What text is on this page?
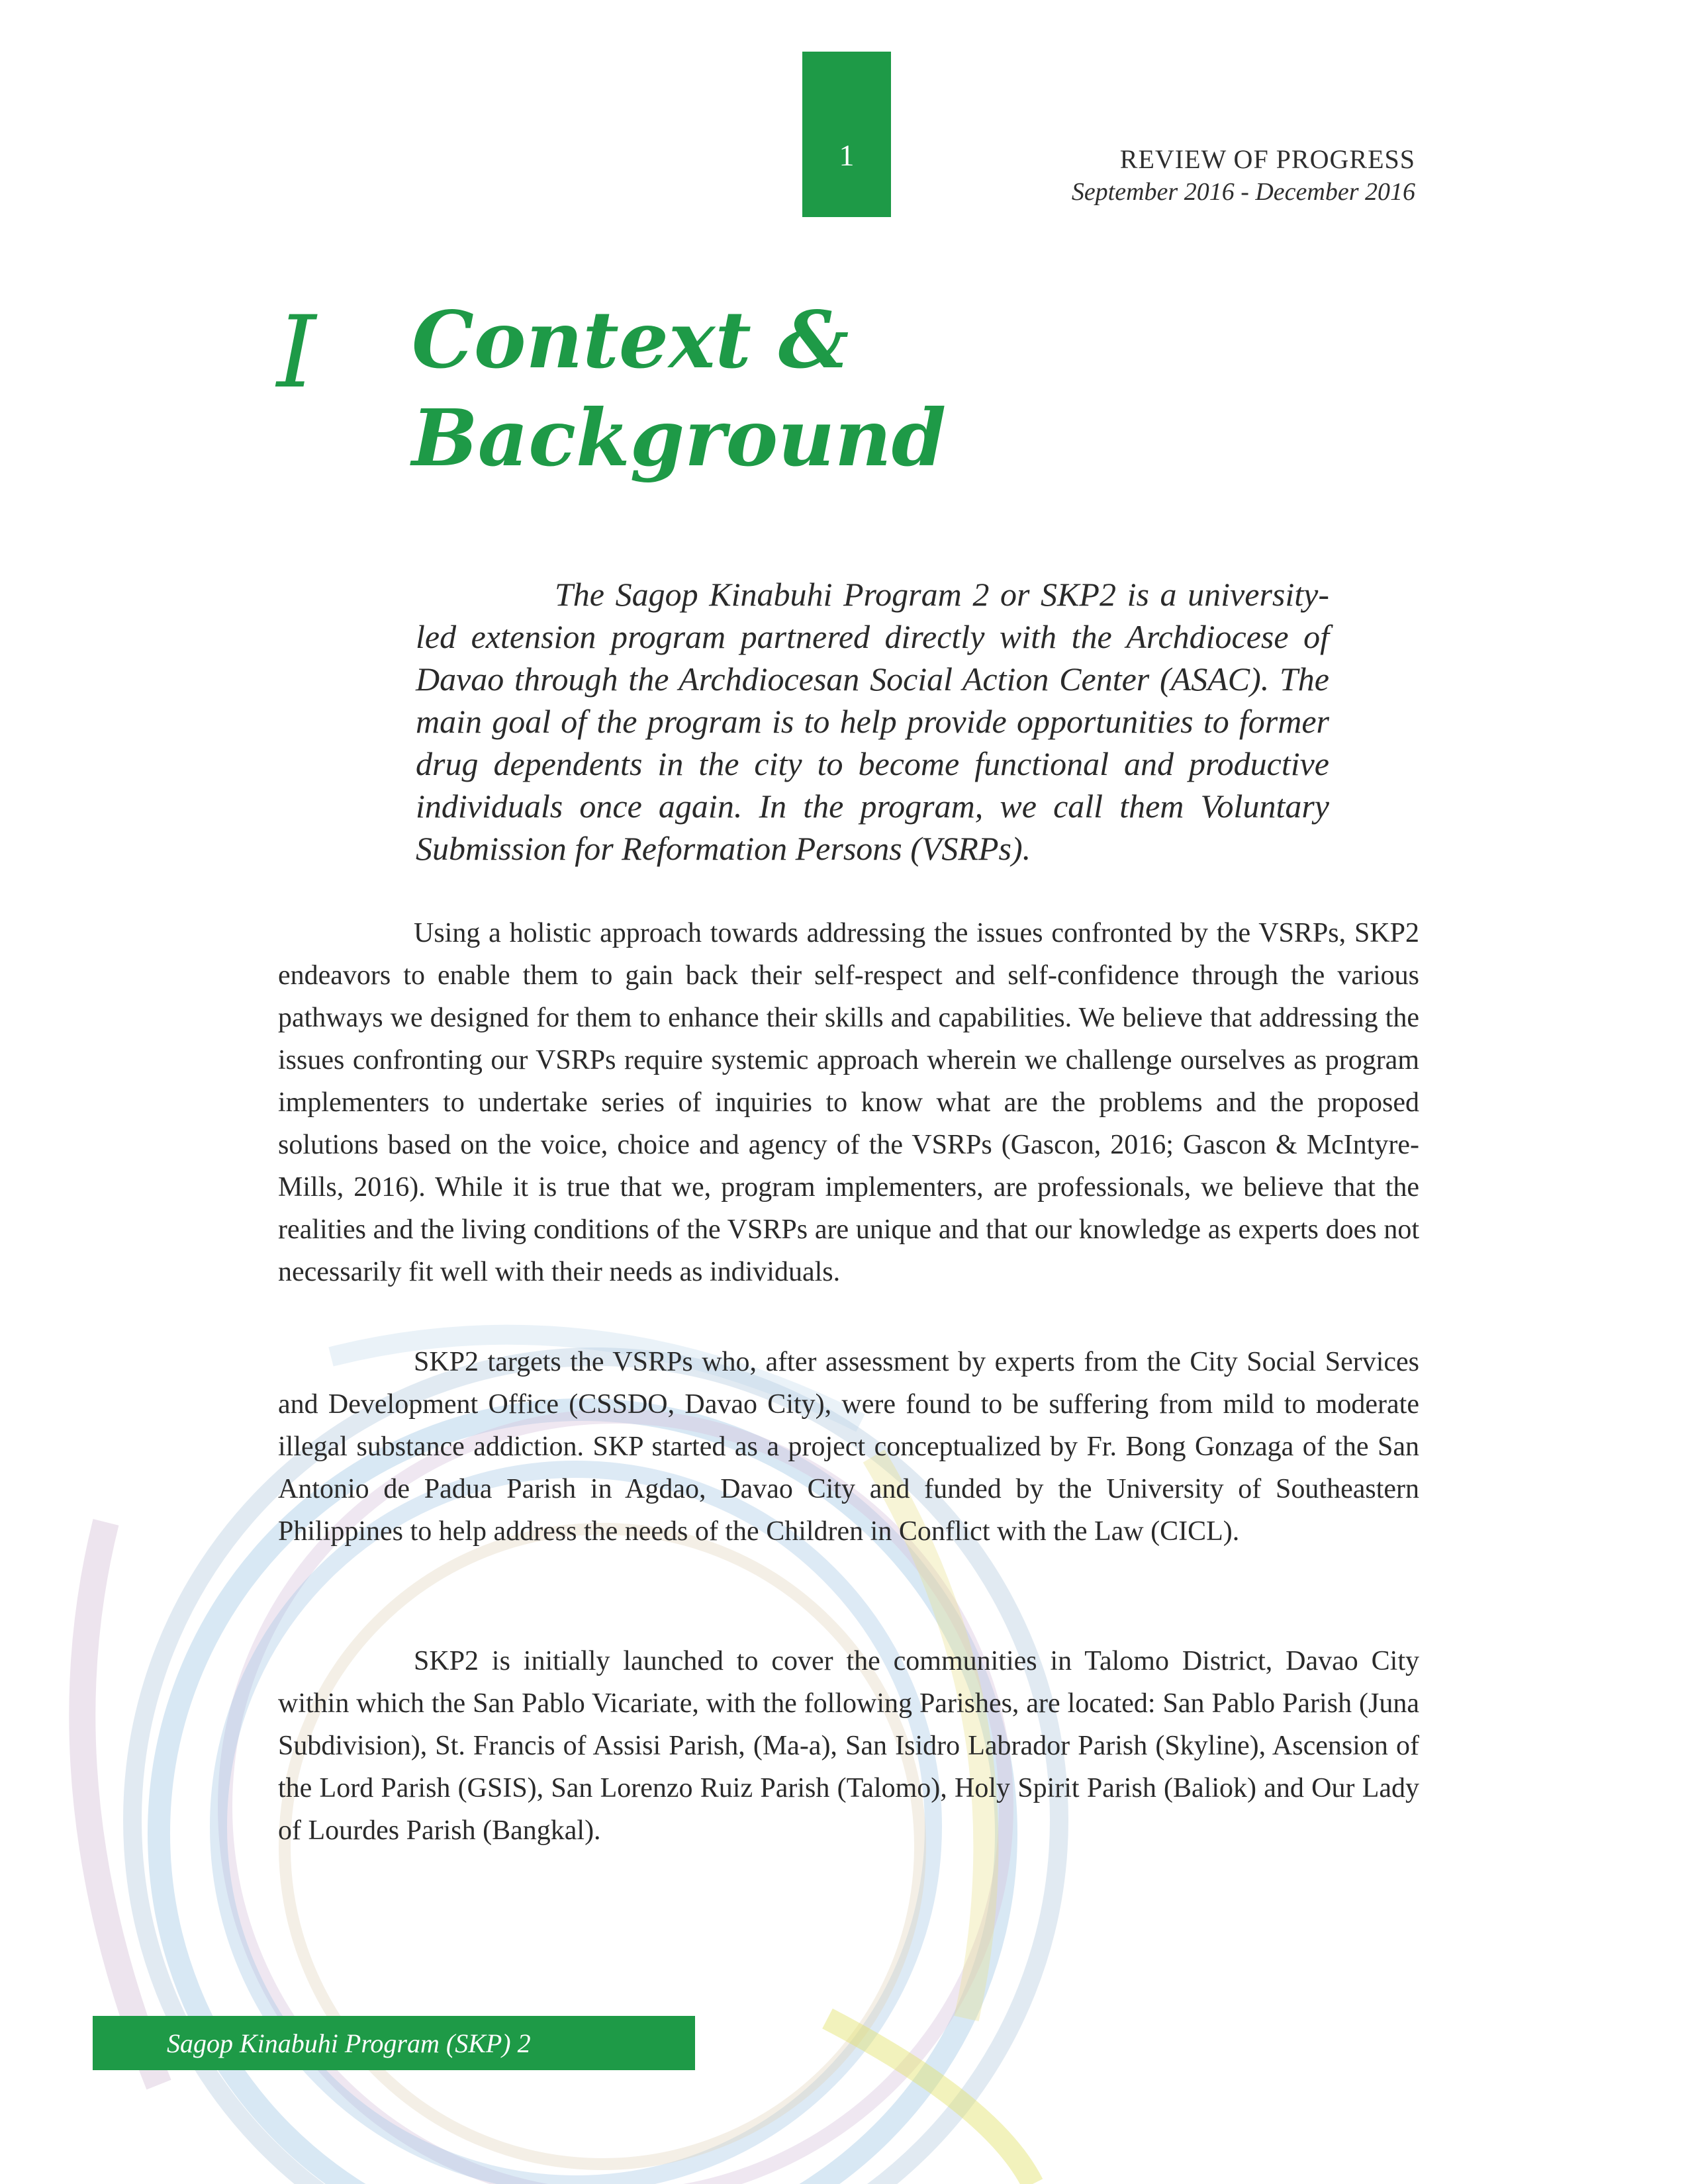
1	REVIEW OF PROGRESS
September 2016 - December 2016
I Context &
Background

The Sagop Kinabuhi Program 2 or SKP2 is a university-led extension program partnered directly with the Archdiocese of Davao through the Archdiocesan Social Action Center (ASAC). The main goal of the program is to help provide opportunities to former drug dependents in the city to become functional and productive individuals once again. In the program, we call them Voluntary Submission for Reformation Persons (VSRPs).

Using a holistic approach towards addressing the issues confronted by the VSRPs, SKP2 endeavors to enable them to gain back their self-respect and self-confidence through the various pathways we designed for them to enhance their skills and capabilities. We believe that addressing the issues confronting our VSRPs require systemic approach wherein we challenge ourselves as program implementers to undertake series of inquiries to know what are the problems and the proposed solutions based on the voice, choice and agency of the VSRPs (Gascon, 2016; Gascon & McIntyre-Mills, 2016). While it is true that we, program implementers, are professionals, we believe that the realities and the living conditions of the VSRPs are unique and that our knowledge as experts does not necessarily fit well with their needs as individuals.

SKP2 targets the VSRPs who, after assessment by experts from the City Social Services and Development Office (CSSDO, Davao City), were found to be suffering from mild to moderate illegal substance addiction. SKP started as a project conceptualized by Fr. Bong Gonzaga of the San Antonio de Padua Parish in Agdao, Davao City and funded by the University of Southeastern Philippines to help address the needs of the Children in Conflict with the Law (CICL).

SKP2 is initially launched to cover the communities in Talomo District, Davao City within which the San Pablo Vicariate, with the following Parishes, are located: San Pablo Parish (Juna Subdivision), St. Francis of Assisi Parish, (Ma-a), San Isidro Labrador Parish (Skyline), Ascension of the Lord Parish (GSIS), San Lorenzo Ruiz Parish (Talomo), Holy Spirit Parish (Baliok) and Our Lady of Lourdes Parish (Bangkal).

Sagop Kinabuhi Program (SKP) 2
